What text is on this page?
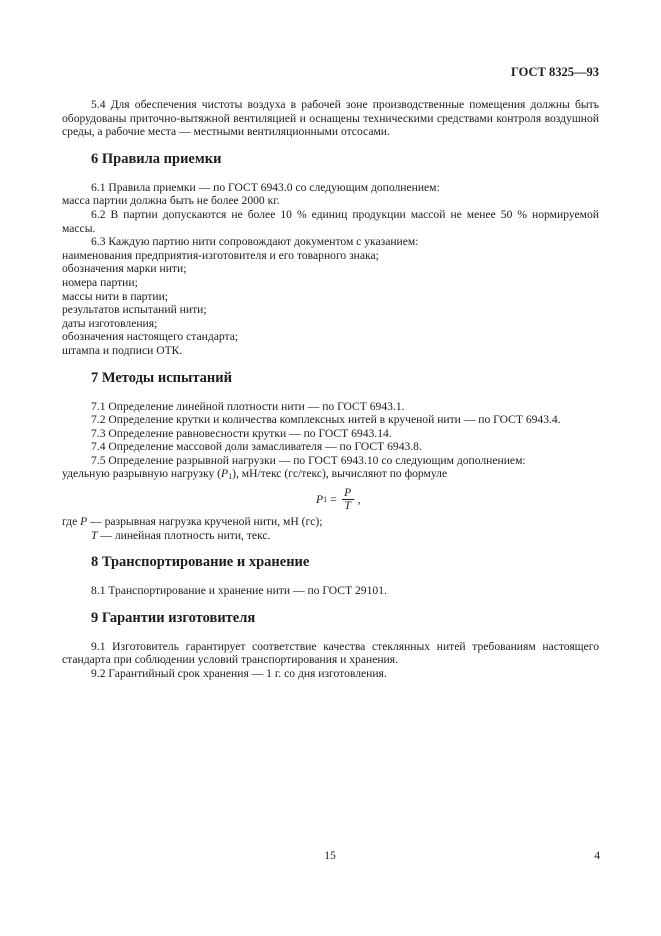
ГОСТ 8325—93

5.4 Для обеспечения чистоты воздуха в рабочей зоне производственные помещения должны быть оборудованы приточно-вытяжной вентиляцией и оснащены техническими средствами контроля воздушной среды, а рабочие места — местными вентиляционными отсосами.

6 Правила приемки

6.1 Правила приемки — по ГОСТ 6943.0 со следующим дополнением:

масса партии должна быть не более 2000 кг.

6.2 В партии допускаются не более 10 % единиц продукции массой не менее 50 % нормируемой массы.

6.3 Каждую партию нити сопровождают документом с указанием:

наименования предприятия-изготовителя и его товарного знака;

обозначения марки нити;

номера партии;

массы нити в партии;

результатов испытаний нити;

даты изготовления;

обозначения настоящего стандарта;

штампа и подписи ОТК.

7 Методы испытаний

7.1 Определение линейной плотности нити — по ГОСТ 6943.1.

7.2 Определение крутки и количества комплексных нитей в крученой нити — по ГОСТ 6943.4.

7.3 Определение равновесности крутки — по ГОСТ 6943.14.

7.4 Определение массовой доли замасливателя — по ГОСТ 6943.8.

7.5 Определение разрывной нагрузки — по ГОСТ 6943.10 со следующим дополнением:

удельную разрывную нагрузку $(P_1)$, мН/текс (гс/текс), вычисляют по формуле

P $1 = \frac{P}{T}$ ,

где P — разрывная нагрузка крученой нити, мН (гс);

T — линейная плотность нити, текс.

8 Транспортирование и хранение

8.1 Транспортирование и хранение нити — по ГОСТ 29101.

9 Гарантии изготовителя

9.1 Изготовитель гарантирует соответствие качества стеклянных нитей требованиям настоящего стандарта при соблюдении условий транспортирования и хранения.

9.2 Гарантийный срок хранения — 1 г. со дня изготовления.

15	4
